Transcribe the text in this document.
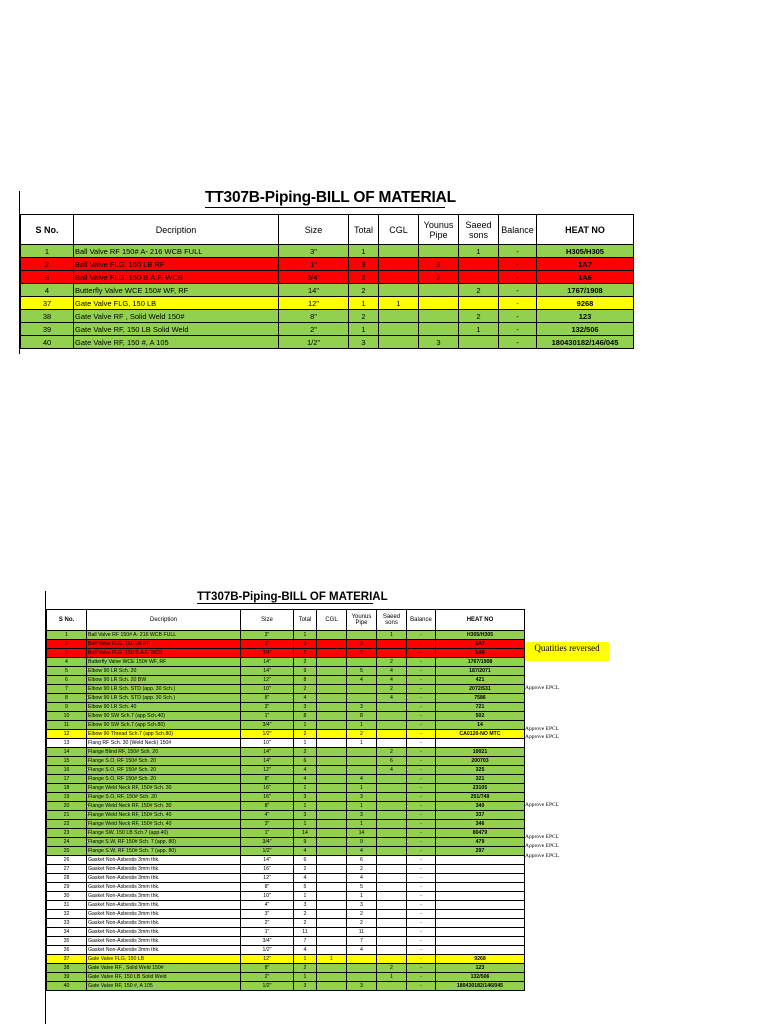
TT307B-Piping-BILL OF MATERIAL
S No.	Decription	Size	Total	CGL	Younus Pipe	Saeed sons	Balance	HEAT NO
1	Ball Valve RF 150# A- 216 WCB FULL	3"	1			1	-	H305/H305
2	Ball Valve FLG. 150 LB RF	1"	3		3		-	1A7
3	Ball Valve FLG. 150 B.A.F. WCB	3/4"	2		2		-	1A6
4	Butterfly Valve WCE 150# WF, RF	14"	2			2	-	1767/1908
37	Gate Valve FLG, 150 LB	12"	1	1			-	9268
38	Gate Valve RF , Solid Weld 150#	8"	2			2	-	123
39	Gate Valve RF, 150 LB Solid Weld	2"	1			1	-	132/506
40	Gate Valve RF, 150 #, A 105	1/2"	3		3		-	180430182/146/045
TT307B-Piping-BILL OF MATERIAL
S No.	Decription	Size	Total	CGL	Younus Pipe	Saeed sons	Balance	HEAT NO
1	Ball Valve RF 150# A- 216 WCB FULL	3"	1			1	-	H305/H305
2	Ball Valve FLG. 150 LB RF	1"	3		3		-	1A7
3	Ball Valve FLG. 150 B.A.F. WCB	3/4"	2		2		-	1A6
4	Butterfly Valve WCE 150# WF, RF	14"	2			2	-	1767/1908
5	Elbow 90 LR Sch. 20	14"	9		5	4	-	187/2071
6	Elbow 90 LR Sch. 20 BW	12"	8		4	4	-	421
7	Elbow 90 LR Sch. STD (app. 30 Sch.)	10"	2			2	-	2072/531
8	Elbow 90 LR Sch. STD (app. 30 Sch.)	8"	4			4	-	7586
9	Elbow 90 LR Sch. 40	3"	3		3		-	721
10	Elbow 90 SW Sch.7 (app Sch.40)	1"	8		8		-	502
11	Elbow 90 SW Sch.7 (app Sch.80)	3/4"	1		1		-	14
12	Elbow 90 Thread Sch.7 (app Sch.80)	1/2"	2		2		-	CA0120-NO MTC
13	Flang RF Sch. 30 (Weld Neck) 150#	10"	1		1		-	
14	Flange Blind RF, 150# Sch. 20	14"	2			2	-	10021
15	Flange S.O, RF 150# Sch. 20	14"	6			6	-	200703
16	Flange S.O, RF 150# Sch. 20	12"	4			4	-	325
17	Flange S.O, RF 150# Sch. 20	8"	4		4		-	321
18	Flange Weld Neck RF, 150# Sch. 30	16"	1		1		-	23105
19	Flange S.O, RF, 150# Sch. 20	16"	3		3		-	251/749
20	Flange Weld Neck RF, 150# Sch. 30	8"	1		1		-	340
21	Flange Weld Neck RF, 150# Sch. 40	4"	3		3		-	337
22	Flange Weld Neck RF, 150# Sch. 40	3"	1		1		-	346
23	Flange SW, 150 LB Sch.7 (app.40)	1"	14		14		-	80479
24	Flange S.W, RF 150# Sch. 7 (app. 80)	3/4"	9		9		-	479
25	Flange S.W, RF 150# Sch. 7 (app. 80)	1/2"	4		4		-	297
26	Gasket Non-Asbestis 3mm thk.	14"	6		6		-	
27	Gasket Non-Asbestis 3mm thk.	16"	2		2		-	
28	Gasket Non-Asbestis 3mm thk.	12"	4		4		-	
29	Gasket Non-Asbestis 3mm thk.	8"	5		5		-	
30	Gasket Non-Asbestis 3mm thk.	10"	1		1		-	
31	Gasket Non-Asbestis 3mm thk.	4"	3		3		-	
32	Gasket Non-Asbestis 3mm thk.	3"	2		2		-	
33	Gasket Non-Asbestis 3mm thk.	2"	2		2		-	
34	Gasket Non-Asbestis 3mm thk.	1"	11		11		-	
35	Gasket Non-Asbestis 3mm thk.	3/4"	7		7		-	
36	Gasket Non-Asbestis 3mm thk.	1/2"	4		4		-	
37	Gate Valve FLG, 150 LB	12"	1	1			-	9268
38	Gate Valve RF , Solid Weld 150#	8"	2			2	-	123
39	Gate Valve RF, 150 LB Solid Weld	2"	1			1	-	132/506
40	Gate Valve RF, 150 #, A 105	1/2"	3		3		-	180430182/146/045
Quatities reversed
Approve EPCL
Approve EPCL
Approve EPCL
Approve EPCL
Approve EPCL
Approve EPCL
Approve EPCL
